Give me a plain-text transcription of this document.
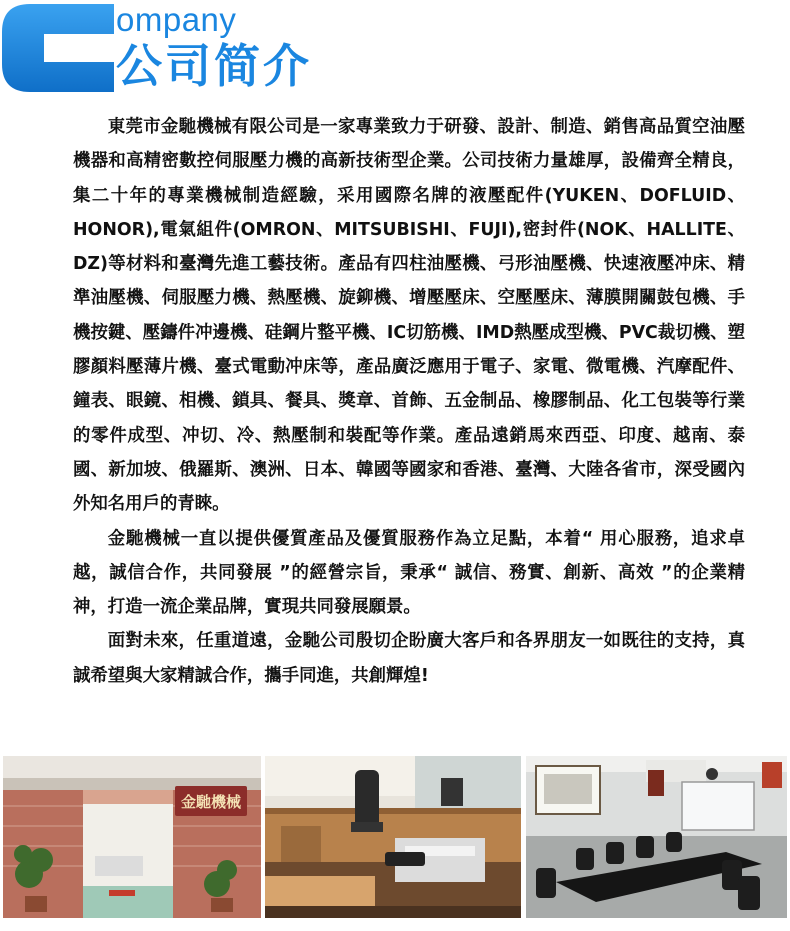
ompany
公司简介

東莞市金馳機械有限公司是一家專業致力于研發、設計、制造、銷售高品質空油壓機器和高精密數控伺服壓力機的高新技術型企業。公司技術力量雄厚，設備齊全精良，集二十年的專業機械制造經驗，采用國際名牌的液壓配件(YUKEN、DOFLUID、HONOR),電氣組件(OMRON、MITSUBISHI、FUJI),密封件(NOK、HALLITE、DZ)等材料和臺灣先進工藝技術。產品有四柱油壓機、弓形油壓機、快速液壓冲床、精準油壓機、伺服壓力機、熱壓機、旋鉚機、增壓壓床、空壓壓床、薄膜開關鼓包機、手機按鍵、壓鑄件冲邊機、硅鋼片整平機、IC切筋機、IMD熱壓成型機、PVC裁切機、塑膠顏料壓薄片機、臺式電動冲床等，產品廣泛應用于電子、家電、微電機、汽摩配件、鐘表、眼鏡、相機、鎖具、餐具、獎章、首飾、五金制品、橡膠制品、化工包裝等行業的零件成型、冲切、冷、熱壓制和裝配等作業。產品遠銷馬來西亞、印度、越南、泰國、新加坡、俄羅斯、澳洲、日本、韓國等國家和香港、臺灣、大陸各省市，深受國內外知名用戶的青睞。

金馳機械一直以提供優質產品及優質服務作為立足點，本着“ 用心服務，追求卓越，誠信合作，共同發展 ”的經營宗旨，秉承“ 誠信、務實、創新、高效 ”的企業精神，打造一流企業品牌，實現共同發展願景。

面對未來，任重道遠，金馳公司殷切企盼廣大客戶和各界朋友一如既往的支持，真誠希望與大家精誠合作，攜手同進，共創輝煌!

金馳機械
